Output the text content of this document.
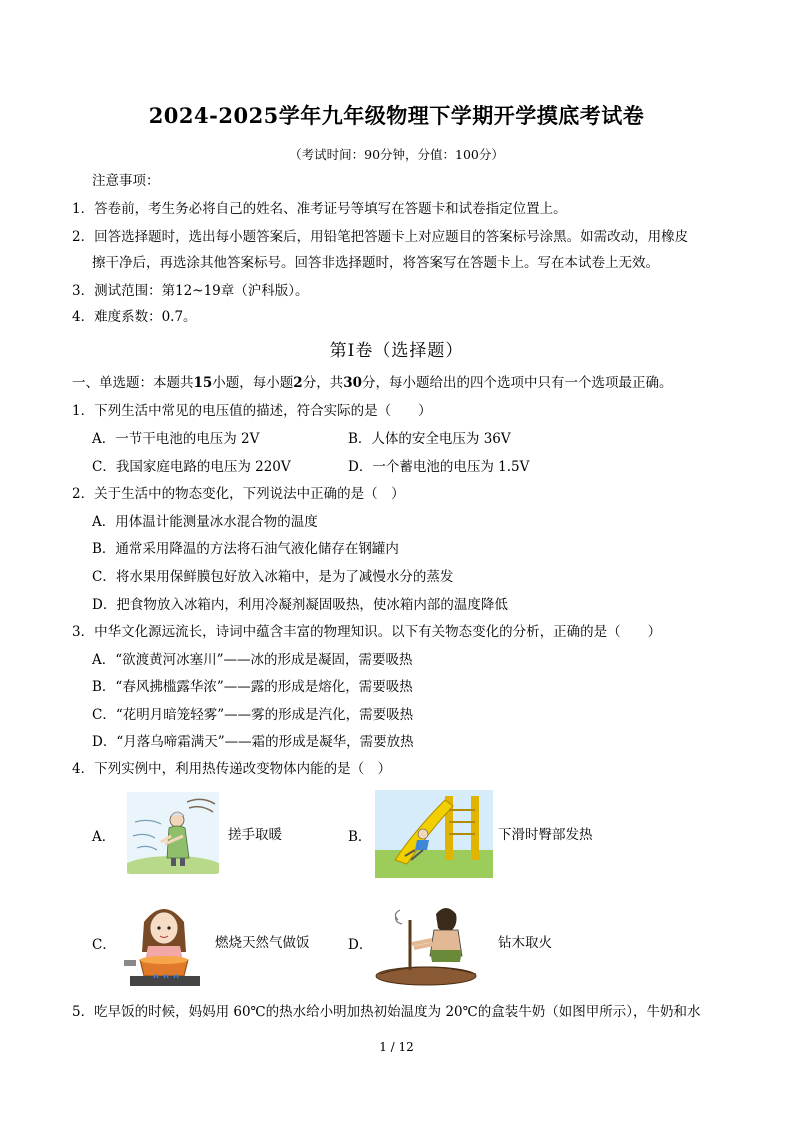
2024-2025学年九年级物理下学期开学摸底考试卷
（考试时间：90分钟，分值：100分）
注意事项：
1．答卷前，考生务必将自己的姓名、准考证号等填写在答题卡和试卷指定位置上。
2．回答选择题时，选出每小题答案后，用铅笔把答题卡上对应题目的答案标号涂黑。如需改动，用橡皮
擦干净后，再选涂其他答案标号。回答非选择题时，将答案写在答题卡上。写在本试卷上无效。
3．测试范围：第12~19章（沪科版）。
4．难度系数：0.7。
第Ⅰ卷（选择题）
一、单选题：本题共15小题，每小题2分，共30分，每小题给出的四个选项中只有一个选项最正确。
1．下列生活中常见的电压值的描述，符合实际的是（　　）
A．一节干电池的电压为 2V	B．人体的安全电压为 36V
C．我国家庭电路的电压为 220V	D．一个蓄电池的电压为 1.5V
2．关于生活中的物态变化，下列说法中正确的是（　）
A．用体温计能测量冰水混合物的温度
B．通常采用降温的方法将石油气液化储存在钢罐内
C．将水果用保鲜膜包好放入冰箱中，是为了减慢水分的蒸发
D．把食物放入冰箱内，利用冷凝剂凝固吸热，使冰箱内部的温度降低
3．中华文化源远流长，诗词中蕴含丰富的物理知识。以下有关物态变化的分析，正确的是（　　）
A．“欲渡黄河冰塞川”——冰的形成是凝固，需要吸热
B．“春风拂槛露华浓”——露的形成是熔化，需要吸热
C．“花明月暗笼轻雾”——雾的形成是汽化，需要吸热
D．“月落乌啼霜满天”——霜的形成是凝华，需要放热
4．下列实例中，利用热传递改变物体内能的是（　）
A．	搓手取暖	B．	下滑时臀部发热
C．	燃烧天然气做饭	D．	钻木取火
5．吃早饭的时候，妈妈用 60℃的热水给小明加热初始温度为 20℃的盒装牛奶（如图甲所示），牛奶和水
1 / 12
